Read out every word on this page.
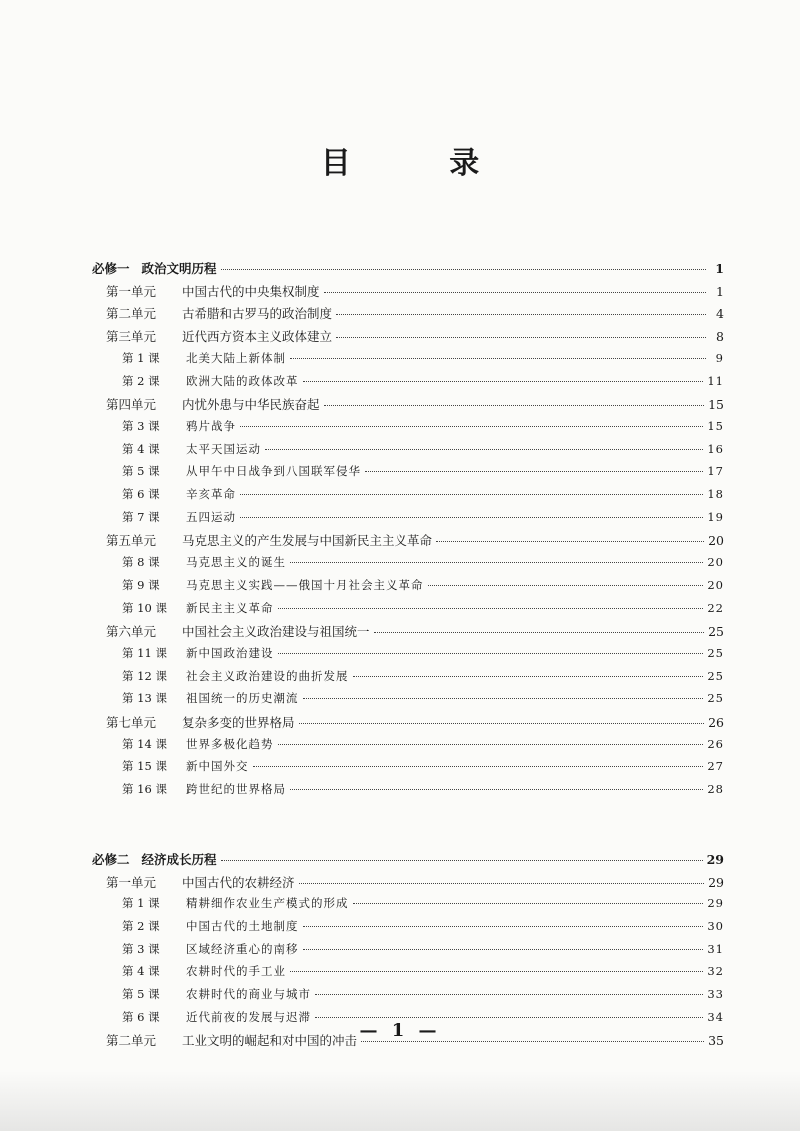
目 录
必修一 政治文明历程	1
第一单元	中国古代的中央集权制度	1
第二单元	古希腊和古罗马的政治制度	4
第三单元	近代西方资本主义政体建立	8
第 1 课	北美大陆上新体制	9
第 2 课	欧洲大陆的政体改革	11
第四单元	内忧外患与中华民族奋起	15
第 3 课	鸦片战争	15
第 4 课	太平天国运动	16
第 5 课	从甲午中日战争到八国联军侵华	17
第 6 课	辛亥革命	18
第 7 课	五四运动	19
第五单元	马克思主义的产生发展与中国新民主主义革命	20
第 8 课	马克思主义的诞生	20
第 9 课	马克思主义实践——俄国十月社会主义革命	20
第 10 课	新民主主义革命	22
第六单元	中国社会主义政治建设与祖国统一	25
第 11 课	新中国政治建设	25
第 12 课	社会主义政治建设的曲折发展	25
第 13 课	祖国统一的历史潮流	25
第七单元	复杂多变的世界格局	26
第 14 课	世界多极化趋势	26
第 15 课	新中国外交	27
第 16 课	跨世纪的世界格局	28
必修二 经济成长历程	29
第一单元	中国古代的农耕经济	29
第 1 课	精耕细作农业生产模式的形成	29
第 2 课	中国古代的土地制度	30
第 3 课	区域经济重心的南移	31
第 4 课	农耕时代的手工业	32
第 5 课	农耕时代的商业与城市	33
第 6 课	近代前夜的发展与迟滞	34
第二单元	工业文明的崛起和对中国的冲击	35
— 1 —
